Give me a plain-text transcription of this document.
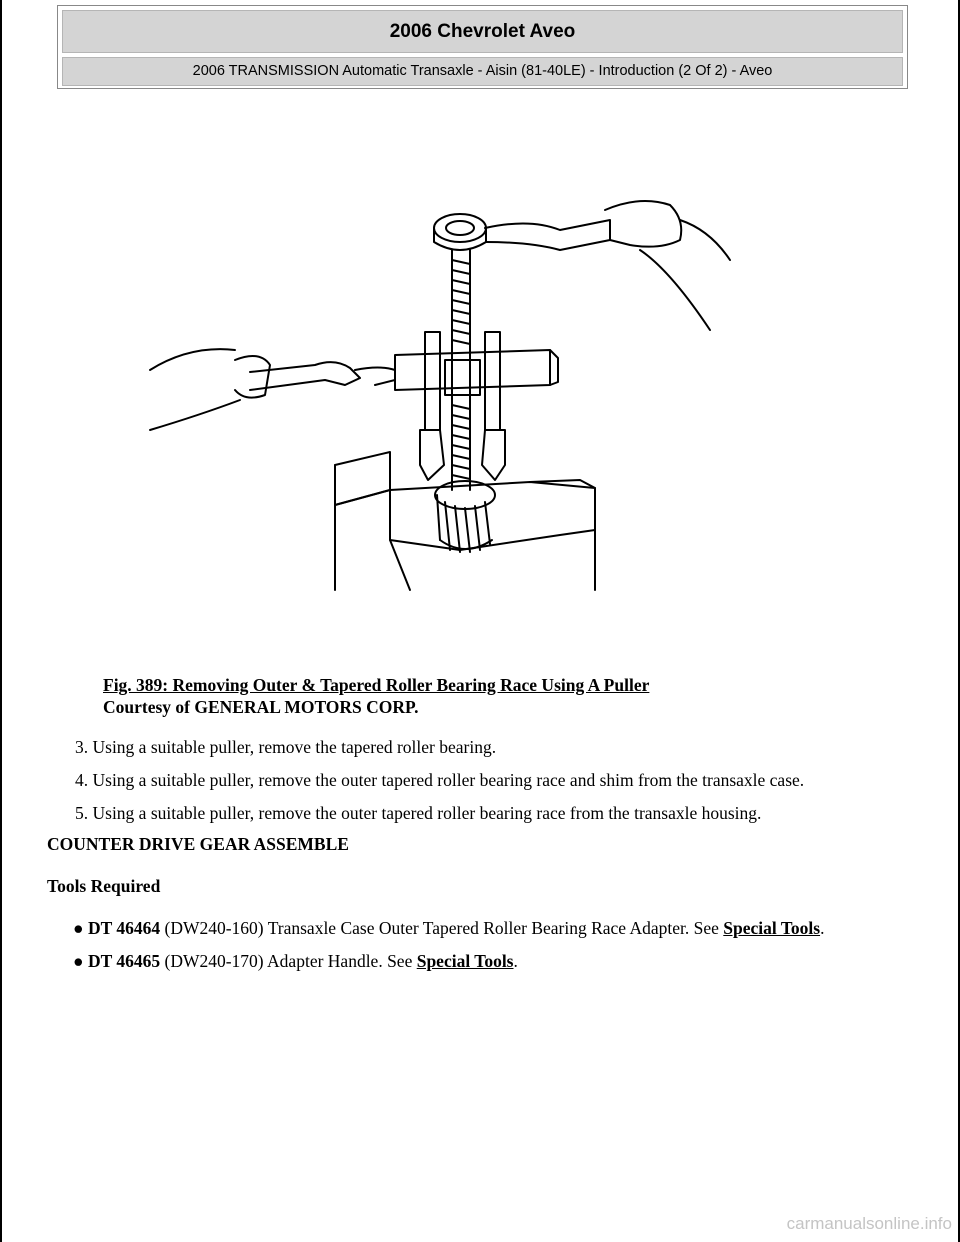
2006 Chevrolet Aveo
2006 TRANSMISSION Automatic Transaxle - Aisin (81-40LE) - Introduction (2 Of 2) - Aveo
Fig. 389: Removing Outer & Tapered Roller Bearing Race Using A Puller
Courtesy of GENERAL MOTORS CORP.
3. Using a suitable puller, remove the tapered roller bearing.
4. Using a suitable puller, remove the outer tapered roller bearing race and shim from the transaxle case.
5. Using a suitable puller, remove the outer tapered roller bearing race from the transaxle housing.
COUNTER DRIVE GEAR ASSEMBLE
Tools Required
● DT 46464 (DW240-160) Transaxle Case Outer Tapered Roller Bearing Race Adapter. See Special Tools.
● DT 46465 (DW240-170) Adapter Handle. See Special Tools.
carmanualsonline.info
